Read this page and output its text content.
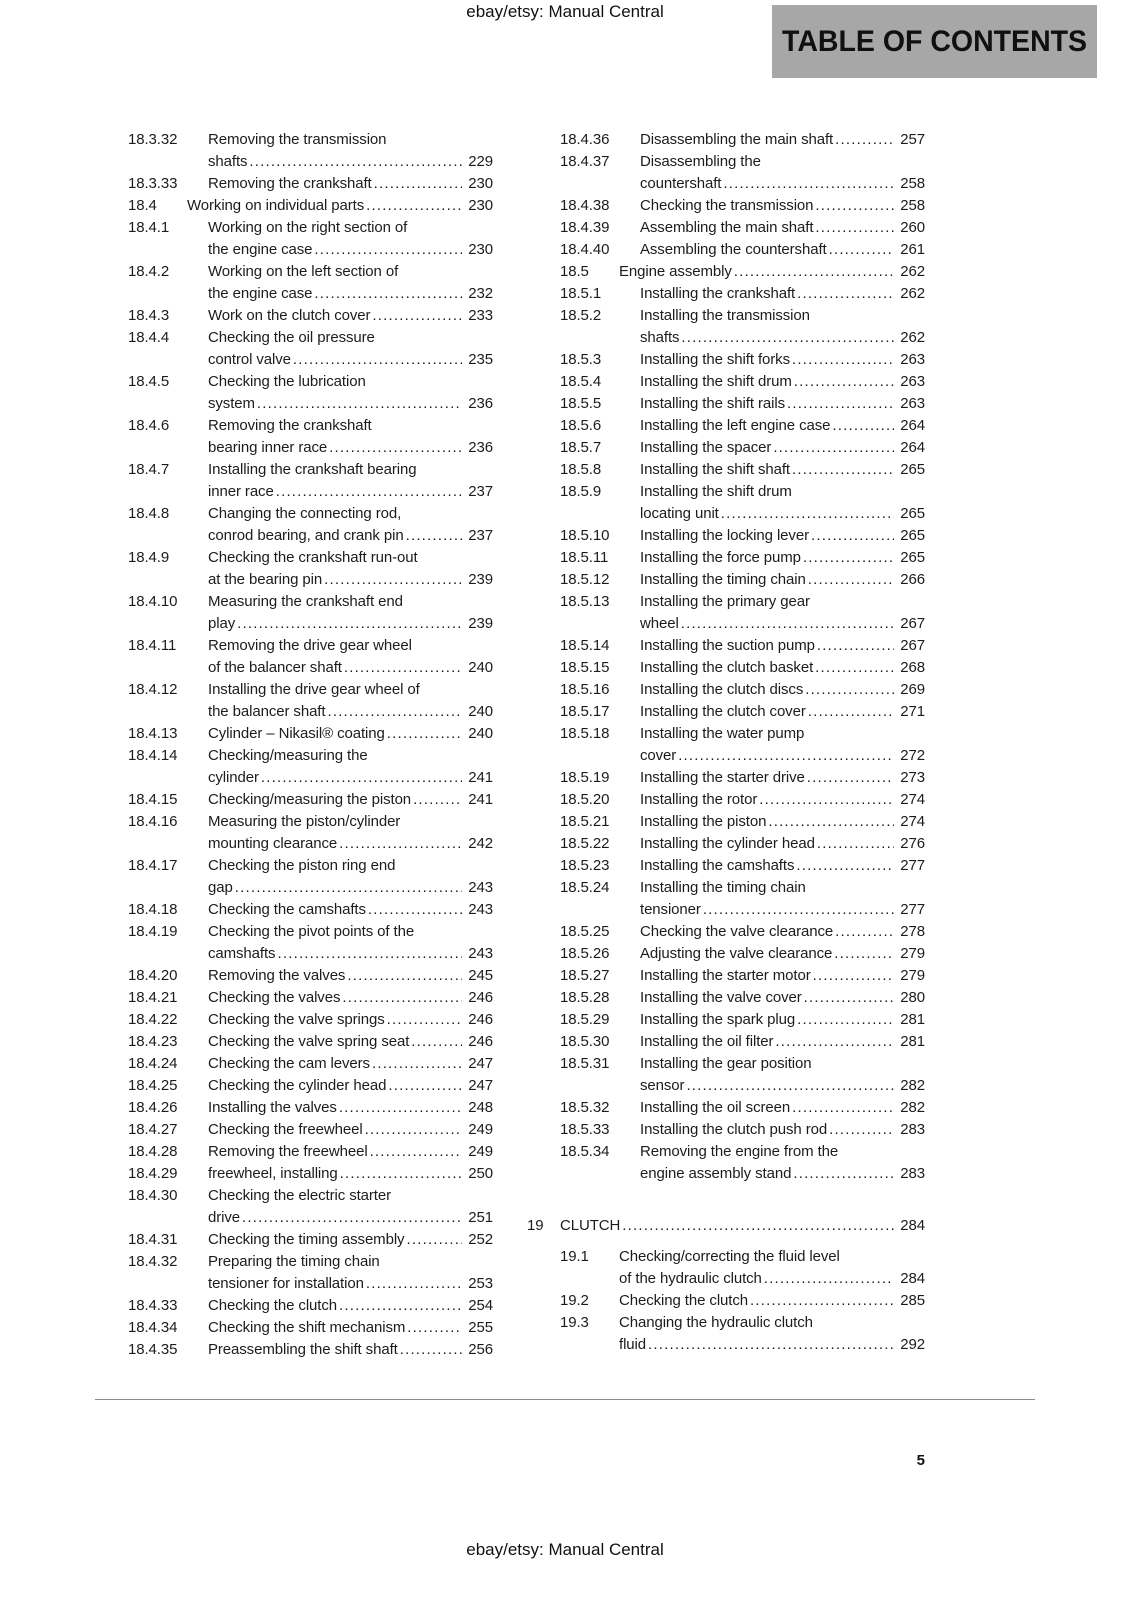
ebay/etsy: Manual Central
TABLE OF CONTENTS
18.3.32	Removing the transmission
shafts .....	229
18.3.33	Removing the crankshaft .....	230
18.4	Working on individual parts .....	230
18.4.1	Working on the right section of
the engine case .....	230
18.4.2	Working on the left section of
the engine case .....	232
18.4.3	Work on the clutch cover .....	233
18.4.4	Checking the oil pressure
control valve .....	235
18.4.5	Checking the lubrication
system .....	236
18.4.6	Removing the crankshaft
bearing inner race .....	236
18.4.7	Installing the crankshaft bearing
inner race .....	237
18.4.8	Changing the connecting rod,
conrod bearing, and crank pin .....	237
18.4.9	Checking the crankshaft run-out
at the bearing pin .....	239
18.4.10	Measuring the crankshaft end
play .....	239
18.4.11	Removing the drive gear wheel
of the balancer shaft .....	240
18.4.12	Installing the drive gear wheel of
the balancer shaft .....	240
18.4.13	Cylinder – Nikasil® coating .....	240
18.4.14	Checking/measuring the
cylinder .....	241
18.4.15	Checking/measuring the piston .....	241
18.4.16	Measuring the piston/cylinder
mounting clearance .....	242
18.4.17	Checking the piston ring end
gap .....	243
18.4.18	Checking the camshafts .....	243
18.4.19	Checking the pivot points of the
camshafts .....	243
18.4.20	Removing the valves .....	245
18.4.21	Checking the valves .....	246
18.4.22	Checking the valve springs .....	246
18.4.23	Checking the valve spring seat .....	246
18.4.24	Checking the cam levers .....	247
18.4.25	Checking the cylinder head .....	247
18.4.26	Installing the valves .....	248
18.4.27	Checking the freewheel .....	249
18.4.28	Removing the freewheel .....	249
18.4.29	freewheel, installing .....	250
18.4.30	Checking the electric starter
drive .....	251
18.4.31	Checking the timing assembly .....	252
18.4.32	Preparing the timing chain
tensioner for installation .....	253
18.4.33	Checking the clutch .....	254
18.4.34	Checking the shift mechanism .....	255
18.4.35	Preassembling the shift shaft .....	256
18.4.36	Disassembling the main shaft .....	257
18.4.37	Disassembling the
countershaft .....	258
18.4.38	Checking the transmission .....	258
18.4.39	Assembling the main shaft .....	260
18.4.40	Assembling the countershaft .....	261
18.5	Engine assembly .....	262
18.5.1	Installing the crankshaft .....	262
18.5.2	Installing the transmission
shafts .....	262
18.5.3	Installing the shift forks .....	263
18.5.4	Installing the shift drum .....	263
18.5.5	Installing the shift rails .....	263
18.5.6	Installing the left engine case .....	264
18.5.7	Installing the spacer .....	264
18.5.8	Installing the shift shaft .....	265
18.5.9	Installing the shift drum
locating unit .....	265
18.5.10	Installing the locking lever .....	265
18.5.11	Installing the force pump .....	265
18.5.12	Installing the timing chain .....	266
18.5.13	Installing the primary gear
wheel .....	267
18.5.14	Installing the suction pump .....	267
18.5.15	Installing the clutch basket .....	268
18.5.16	Installing the clutch discs .....	269
18.5.17	Installing the clutch cover .....	271
18.5.18	Installing the water pump
cover .....	272
18.5.19	Installing the starter drive .....	273
18.5.20	Installing the rotor .....	274
18.5.21	Installing the piston .....	274
18.5.22	Installing the cylinder head .....	276
18.5.23	Installing the camshafts .....	277
18.5.24	Installing the timing chain
tensioner .....	277
18.5.25	Checking the valve clearance .....	278
18.5.26	Adjusting the valve clearance .....	279
18.5.27	Installing the starter motor .....	279
18.5.28	Installing the valve cover .....	280
18.5.29	Installing the spark plug .....	281
18.5.30	Installing the oil filter .....	281
18.5.31	Installing the gear position
sensor .....	282
18.5.32	Installing the oil screen .....	282
18.5.33	Installing the clutch push rod .....	283
18.5.34	Removing the engine from the
engine assembly stand .....	283
19	CLUTCH .....	284
19.1	Checking/correcting the fluid level
of the hydraulic clutch .....	284
19.2	Checking the clutch .....	285
19.3	Changing the hydraulic clutch
fluid .....	292
5
ebay/etsy: Manual Central
